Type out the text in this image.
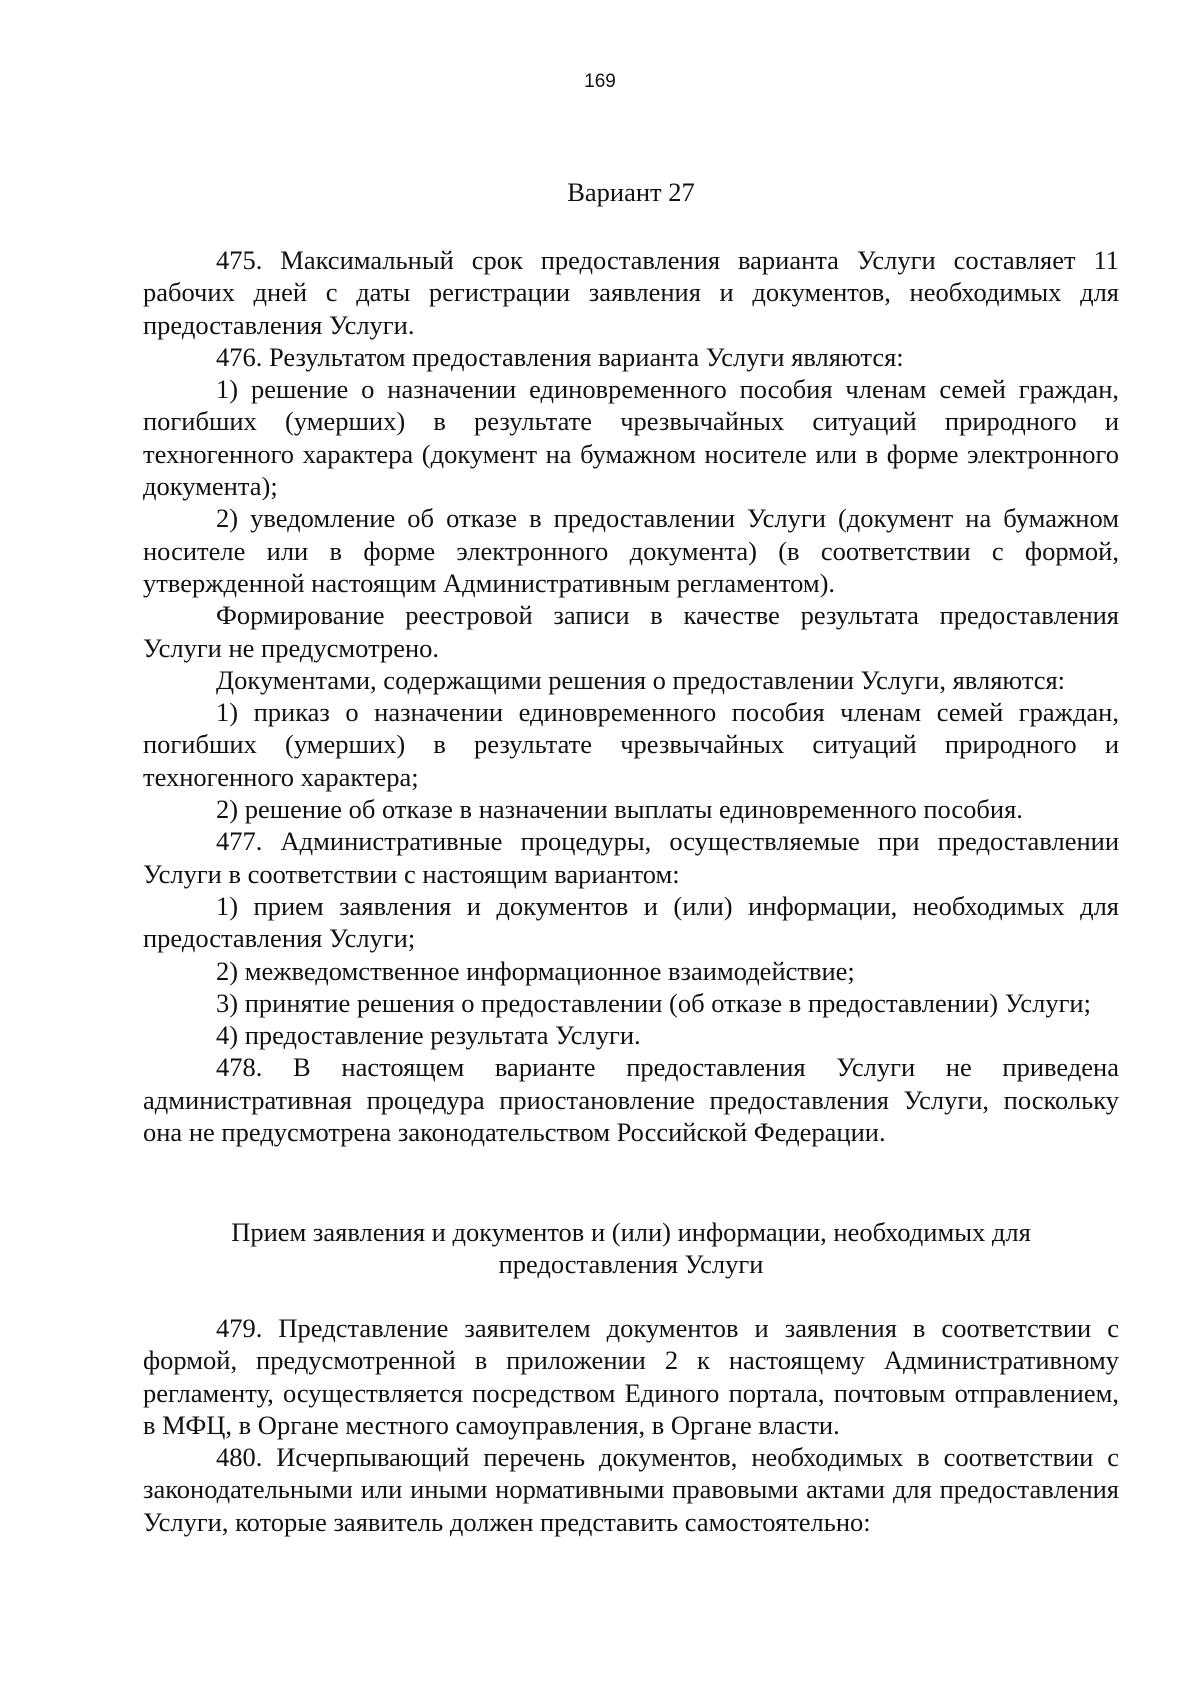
169
Вариант 27

475. Максимальный срок предоставления варианта Услуги составляет 11 рабочих дней с даты регистрации заявления и документов, необходимых для предоставления Услуги.

476. Результатом предоставления варианта Услуги являются:

1) решение о назначении единовременного пособия членам семей граждан, погибших (умерших) в результате чрезвычайных ситуаций природного и техногенного характера (документ на бумажном носителе или в форме электронного документа);

2) уведомление об отказе в предоставлении Услуги (документ на бумажном носителе или в форме электронного документа) (в соответствии с формой, утвержденной настоящим Административным регламентом).

Формирование реестровой записи в качестве результата предоставления Услуги не предусмотрено.

Документами, содержащими решения о предоставлении Услуги, являются:

1) приказ о назначении единовременного пособия членам семей граждан, погибших (умерших) в результате чрезвычайных ситуаций природного и техногенного характера;

2) решение об отказе в назначении выплаты единовременного пособия.

477. Административные процедуры, осуществляемые при предоставлении Услуги в соответствии с настоящим вариантом:

1) прием заявления и документов и (или) информации, необходимых для предоставления Услуги;

2) межведомственное информационное взаимодействие;

3) принятие решения о предоставлении (об отказе в предоставлении) Услуги;

4) предоставление результата Услуги.

478. В настоящем варианте предоставления Услуги не приведена административная процедура приостановление предоставления Услуги, поскольку она не предусмотрена законодательством Российской Федерации.

Прием заявления и документов и (или) информации, необходимых для предоставления Услуги

479. Представление заявителем документов и заявления в соответствии с формой, предусмотренной в приложении 2 к настоящему Административному регламенту, осуществляется посредством Единого портала, почтовым отправлением, в МФЦ, в Органе местного самоуправления, в Органе власти.

480. Исчерпывающий перечень документов, необходимых в соответствии с законодательными или иными нормативными правовыми актами для предоставления Услуги, которые заявитель должен представить самостоятельно:
